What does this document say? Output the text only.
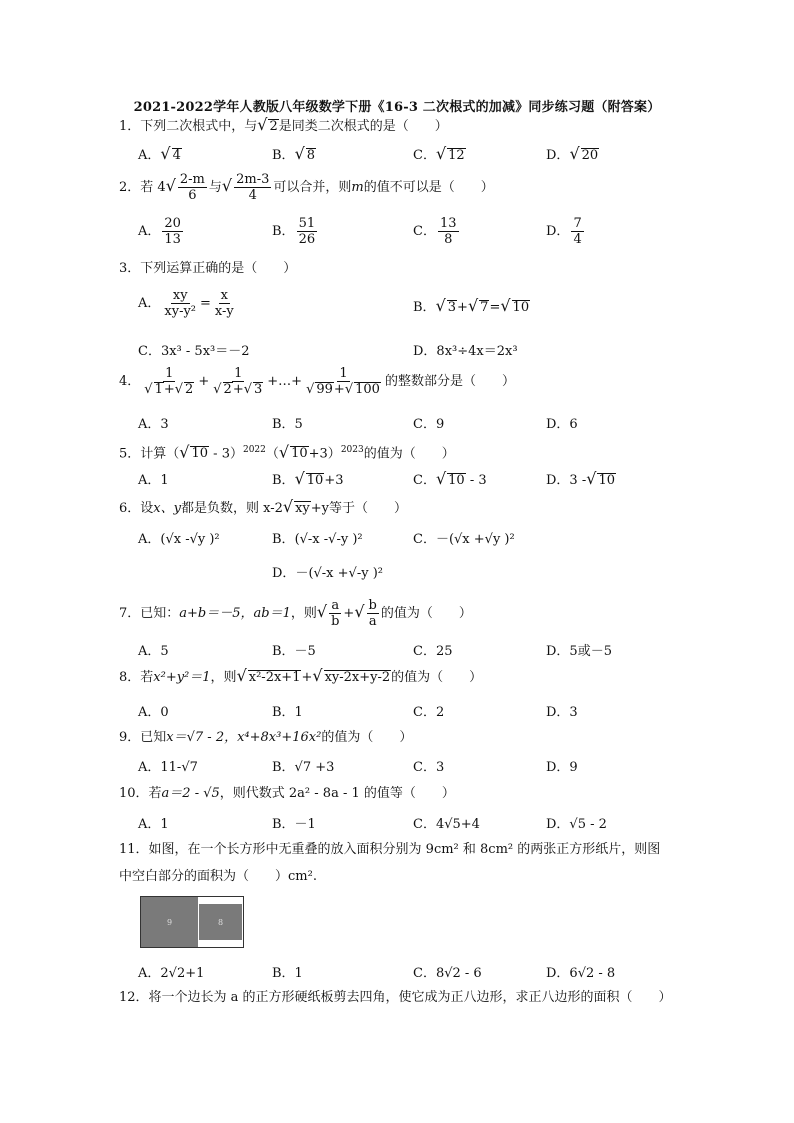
2021-2022学年人教版八年级数学下册《16-3 二次根式的加减》同步练习题（附答案）
1．下列二次根式中，与√ 2是同类二次根式的是（　　）
A．√ 4	B．√ 8	C．√ 12	D．√ 20
2．若 $4√ \frac{2-m}{6}$ 与√ $\frac{2m-3}{4}$ 可以合并，则m的值不可以是（　　）
A． $\frac{20}{13}$	B． $\frac{51}{26}$	C． $\frac{13}{8}$	D． $\frac{7}{4}$
3．下列运算正确的是（　　）
A． $\frac{xy}{\text{xy-y²}} = \frac{x}{x-y}$	B．√ 3+√ 7=√ 10
C．3x³ - 5x³＝－2	D．8x³÷4x＝2x³
4． $\frac{1}{√ 1+√ 2} + \frac{1}{√ 2+√ 3}$ +…+ $\frac{1}{√ 99+√ 100}$ 的整数部分是（　　）
A．3	B．5	C．9	D．6
5．计算（√ 10 - 3）$^{2022}$（√ 10+3）$^{2023}$的值为（　　）
A．1	B．√ 10+3	C．√ 10 - 3	D．3 -√ 10
6．设x、y都是负数，则 x-2√ xy+y等于（　　）
A．(√x -√y )²	B．(√-x -√-y )²	C．－(√x +√y )²
D．－(√-x +√-y )²
7．已知：a+b＝－5，ab＝1，则√ $\frac{a}{b}$ +√ $\frac{b}{a}$ 的值为（　　）
A．5	B．－5	C．25	D．5或－5
8．若x²+y²＝1，则√ x²-2x+1+√ xy-2x+y-2的值为（　　）
A．0	B．1	C．2	D．3
9．已知x＝√7 - 2，x⁴+8x³+16x²的值为（　　）
A．11-√7	B．√7 +3	C．3	D．9
10．若a＝2 - √5，则代数式 2a² - 8a - 1 的值等（　　）
A．1	B．－1	C．4√5+4	D．√5 - 2
11．如图，在一个长方形中无重叠的放入面积分别为 9cm² 和 8cm² 的两张正方形纸片，则图
中空白部分的面积为（　　）cm².
9	8
A．2√2+1	B．1	C．8√2 - 6	D．6√2 - 8
12．将一个边长为 a 的正方形硬纸板剪去四角，使它成为正八边形，求正八边形的面积（　　）
